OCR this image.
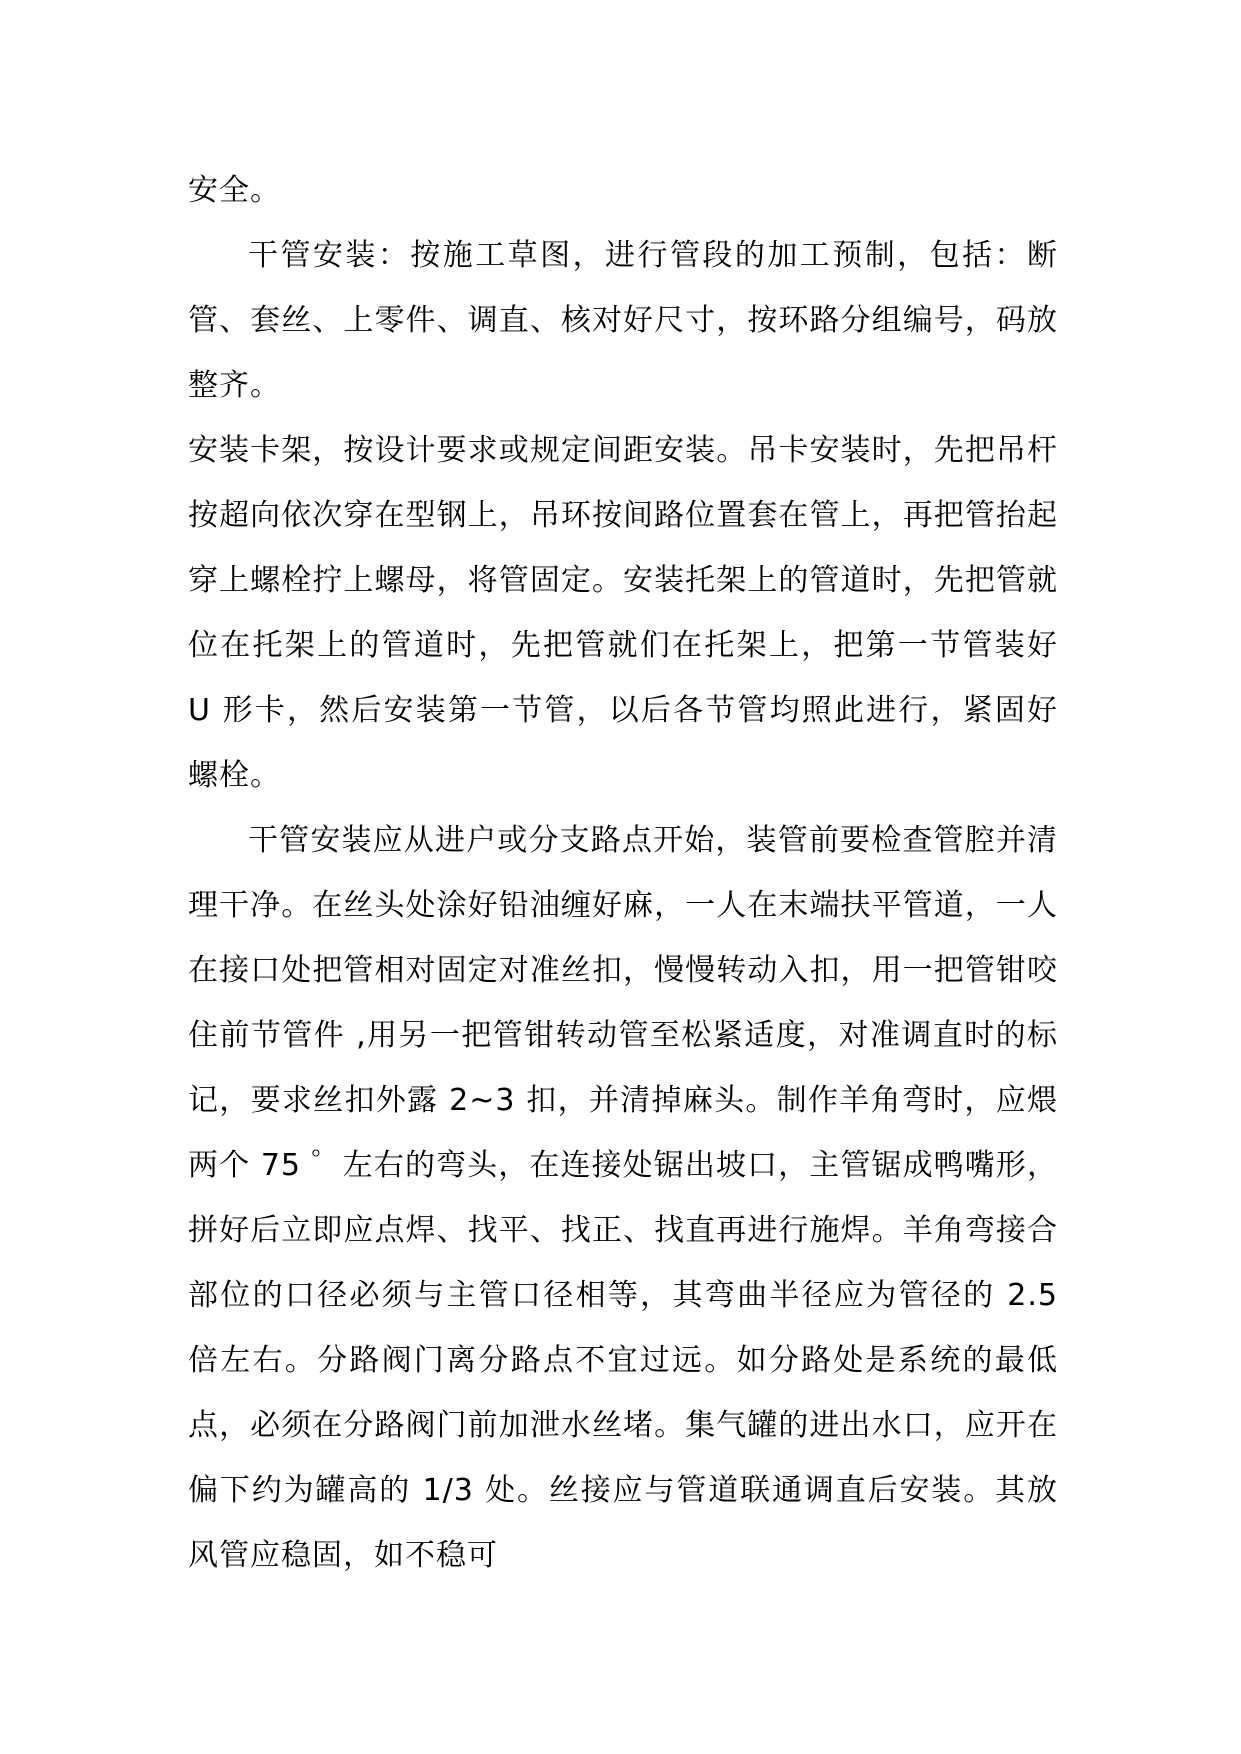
安全。

干管安装：按施工草图，进行管段的加工预制，包括：断管、套丝、上零件、调直、核对好尺寸，按环路分组编号，码放整齐。

安装卡架，按设计要求或规定间距安装。吊卡安装时，先把吊杆按超向依次穿在型钢上，吊环按间路位置套在管上，再把管抬起穿上螺栓拧上螺母，将管固定。安装托架上的管道时，先把管就位在托架上的管道时，先把管就们在托架上，把第一节管装好 U 形卡，然后安装第一节管，以后各节管均照此进行，紧固好螺栓。

干管安装应从进户或分支路点开始，装管前要检查管腔并清理干净。在丝头处涂好铅油缠好麻，一人在末端扶平管道，一人在接口处把管相对固定对准丝扣，慢慢转动入扣，用一把管钳咬住前节管件 ,用另一把管钳转动管至松紧适度，对准调直时的标记，要求丝扣外露 2~3 扣，并清掉麻头。制作羊角弯时，应煨两个 75 ゜左右的弯头，在连接处锯出坡口，主管锯成鸭嘴形，拼好后立即应点焊、找平、找正、找直再进行施焊。羊角弯接合部位的口径必须与主管口径相等，其弯曲半径应为管径的 2.5 倍左右。分路阀门离分路点不宜过远。如分路处是系统的最低点，必须在分路阀门前加泄水丝堵。集气罐的进出水口，应开在偏下约为罐高的 1/3 处。丝接应与管道联通调直后安装。其放风管应稳固，如不稳可
